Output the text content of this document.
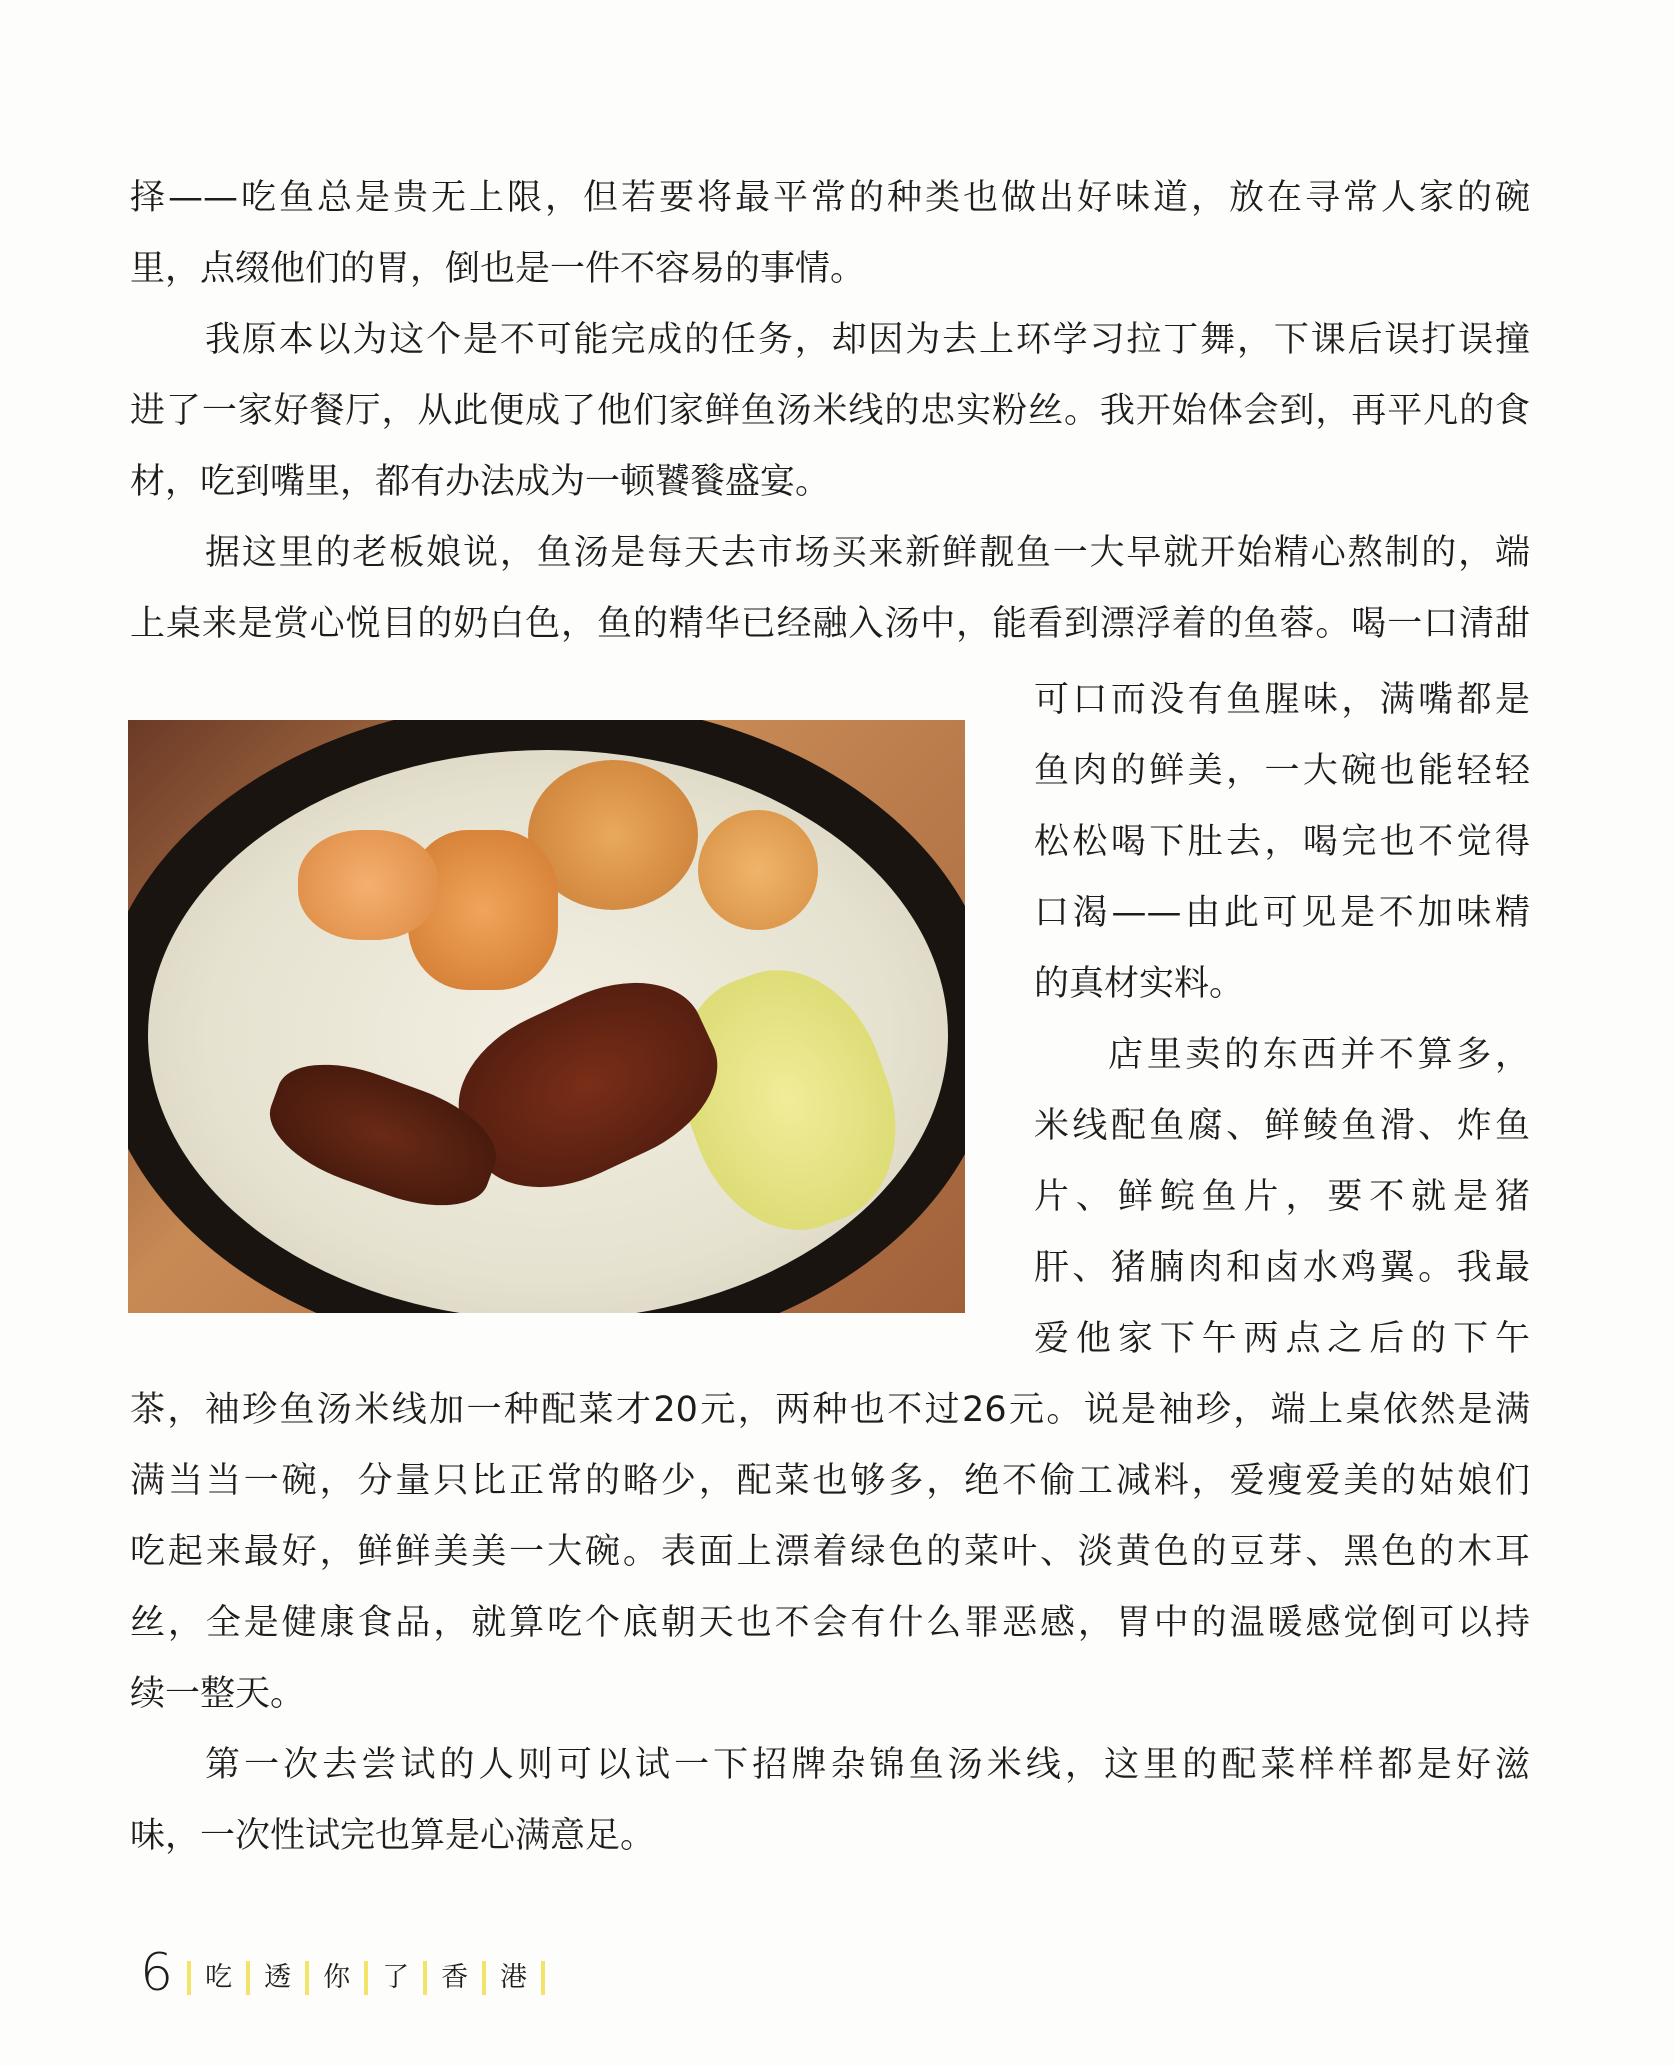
择——吃鱼总是贵无上限，但若要将最平常的种类也做出好味道，放在寻常人家的碗
里，点缀他们的胃，倒也是一件不容易的事情。
我原本以为这个是不可能完成的任务，却因为去上环学习拉丁舞，下课后误打误撞
进了一家好餐厅，从此便成了他们家鲜鱼汤米线的忠实粉丝。我开始体会到，再平凡的食
材，吃到嘴里，都有办法成为一顿饕餮盛宴。
据这里的老板娘说，鱼汤是每天去市场买来新鲜靓鱼一大早就开始精心熬制的，端
上桌来是赏心悦目的奶白色，鱼的精华已经融入汤中，能看到漂浮着的鱼蓉。喝一口清甜
可口而没有鱼腥味，满嘴都是
鱼肉的鲜美，一大碗也能轻轻
松松喝下肚去，喝完也不觉得
口渴——由此可见是不加味精
的真材实料。
店里卖的东西并不算多，
米线配鱼腐、鲜鲮鱼滑、炸鱼
片、鲜鲩鱼片，要不就是猪
肝、猪腩肉和卤水鸡翼。我最
爱他家下午两点之后的下午
茶，袖珍鱼汤米线加一种配菜才20元，两种也不过26元。说是袖珍，端上桌依然是满
满当当一碗，分量只比正常的略少，配菜也够多，绝不偷工减料，爱瘦爱美的姑娘们
吃起来最好，鲜鲜美美一大碗。表面上漂着绿色的菜叶、淡黄色的豆芽、黑色的木耳
丝，全是健康食品，就算吃个底朝天也不会有什么罪恶感，胃中的温暖感觉倒可以持
续一整天。
第一次去尝试的人则可以试一下招牌杂锦鱼汤米线，这里的配菜样样都是好滋
味，一次性试完也算是心满意足。
6	吃	透	你	了	香	港
